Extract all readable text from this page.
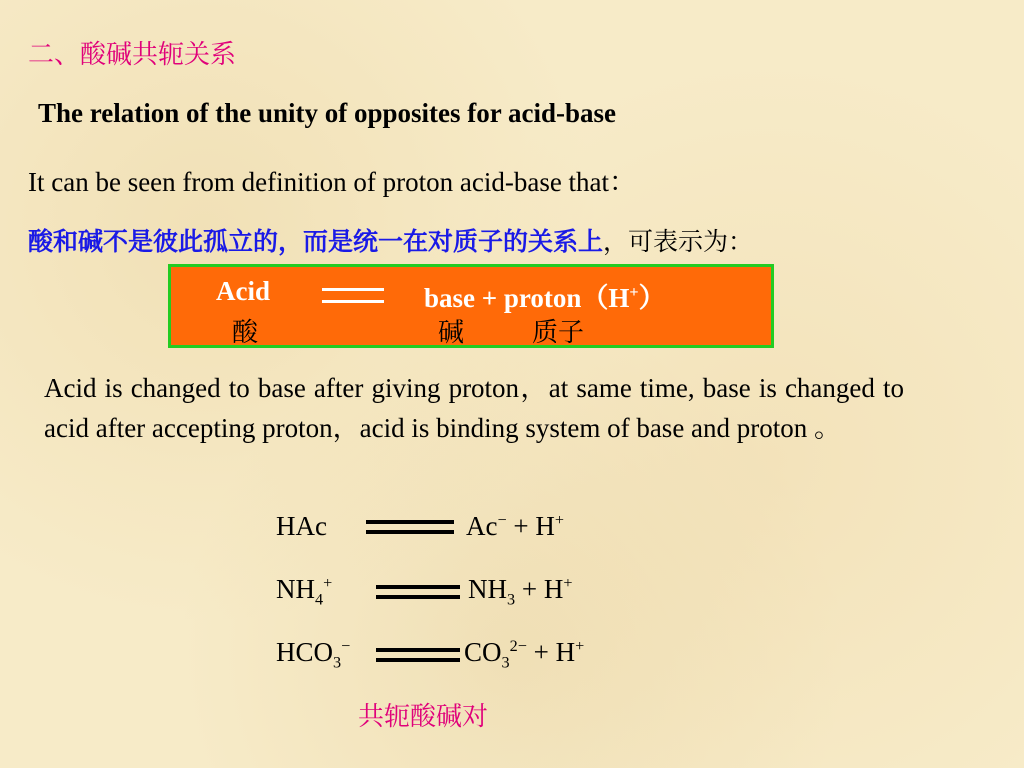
二、酸碱共轭关系
The relation of the unity of opposites for acid-base
It can be seen from definition of proton acid-base that：
酸和碱不是彼此孤立的，而是统一在对质子的关系上，可表示为：
Acid	base + proton（H+）
酸	碱	质子
Acid is changed to base after giving proton，at same time, base is changed to acid after accepting proton，acid is binding system of base and proton 。
HAc	Ac− + H+
$NH_4^+$	$NH_3 + H^+$
$HCO_3^-$	$CO_3^{2-} + H^+$
共轭酸碱对
